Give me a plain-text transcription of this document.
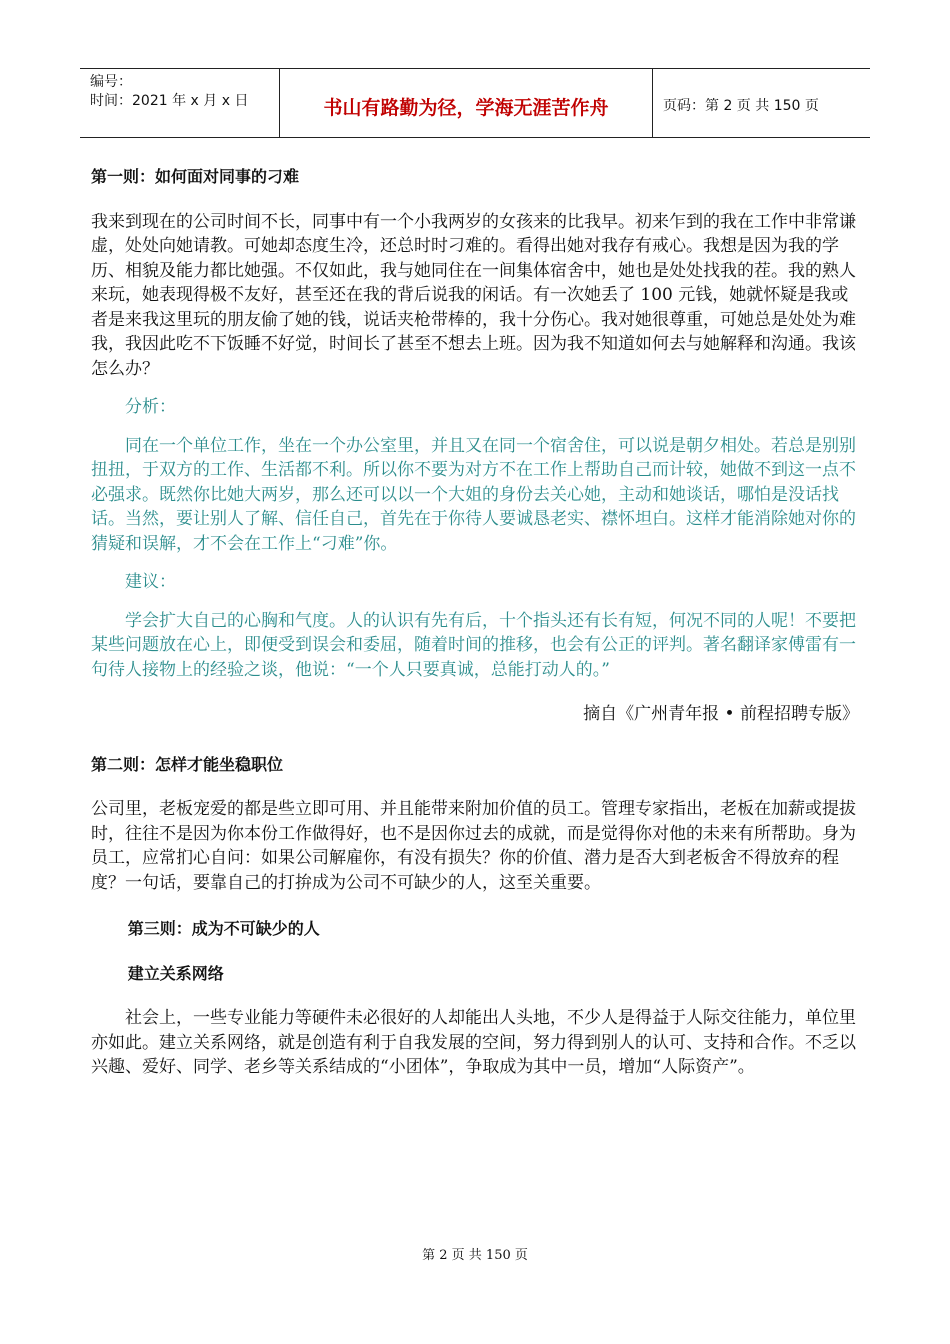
编号：
时间：2021 年 x 月 x 日	书山有路勤为径，学海无涯苦作舟	页码：第 2 页 共 150 页

第一则：如何面对同事的刁难

我来到现在的公司时间不长，同事中有一个小我两岁的女孩来的比我早。初来乍到的我在工作中非常谦虚，处处向她请教。可她却态度生冷，还总时时刁难的。看得出她对我存有戒心。我想是因为我的学历、相貌及能力都比她强。不仅如此，我与她同住在一间集体宿舍中，她也是处处找我的茬。我的熟人来玩，她表现得极不友好，甚至还在我的背后说我的闲话。有一次她丢了 100 元钱，她就怀疑是我或者是来我这里玩的朋友偷了她的钱，说话夹枪带棒的，我十分伤心。我对她很尊重，可她总是处处为难我，我因此吃不下饭睡不好觉，时间长了甚至不想去上班。因为我不知道如何去与她解释和沟通。我该怎么办？

分析：

同在一个单位工作，坐在一个办公室里，并且又在同一个宿舍住，可以说是朝夕相处。若总是别别扭扭，于双方的工作、生活都不利。所以你不要为对方不在工作上帮助自己而计较，她做不到这一点不必强求。既然你比她大两岁，那么还可以以一个大姐的身份去关心她，主动和她谈话，哪怕是没话找话。当然，要让别人了解、信任自己，首先在于你待人要诚恳老实、襟怀坦白。这样才能消除她对你的猜疑和误解，才不会在工作上“刁难”你。

建议：

学会扩大自己的心胸和气度。人的认识有先有后，十个指头还有长有短，何况不同的人呢！不要把某些问题放在心上，即便受到误会和委屈，随着时间的推移，也会有公正的评判。著名翻译家傅雷有一句待人接物上的经验之谈，他说：“一个人只要真诚，总能打动人的。”

摘自《广州青年报 • 前程招聘专版》

第二则：怎样才能坐稳职位

公司里，老板宠爱的都是些立即可用、并且能带来附加价值的员工。管理专家指出，老板在加薪或提拔时，往往不是因为你本份工作做得好，也不是因你过去的成就，而是觉得你对他的未来有所帮助。身为员工，应常扪心自问：如果公司解雇你，有没有损失？你的价值、潜力是否大到老板舍不得放弃的程度？一句话，要靠自己的打拚成为公司不可缺少的人，这至关重要。

第三则：成为不可缺少的人

建立关系网络

社会上，一些专业能力等硬件未必很好的人却能出人头地，不少人是得益于人际交往能力，单位里亦如此。建立关系网络，就是创造有利于自我发展的空间，努力得到别人的认可、支持和合作。不乏以兴趣、爱好、同学、老乡等关系结成的“小团体”，争取成为其中一员，增加“人际资产”。

第 2 页 共 150 页
